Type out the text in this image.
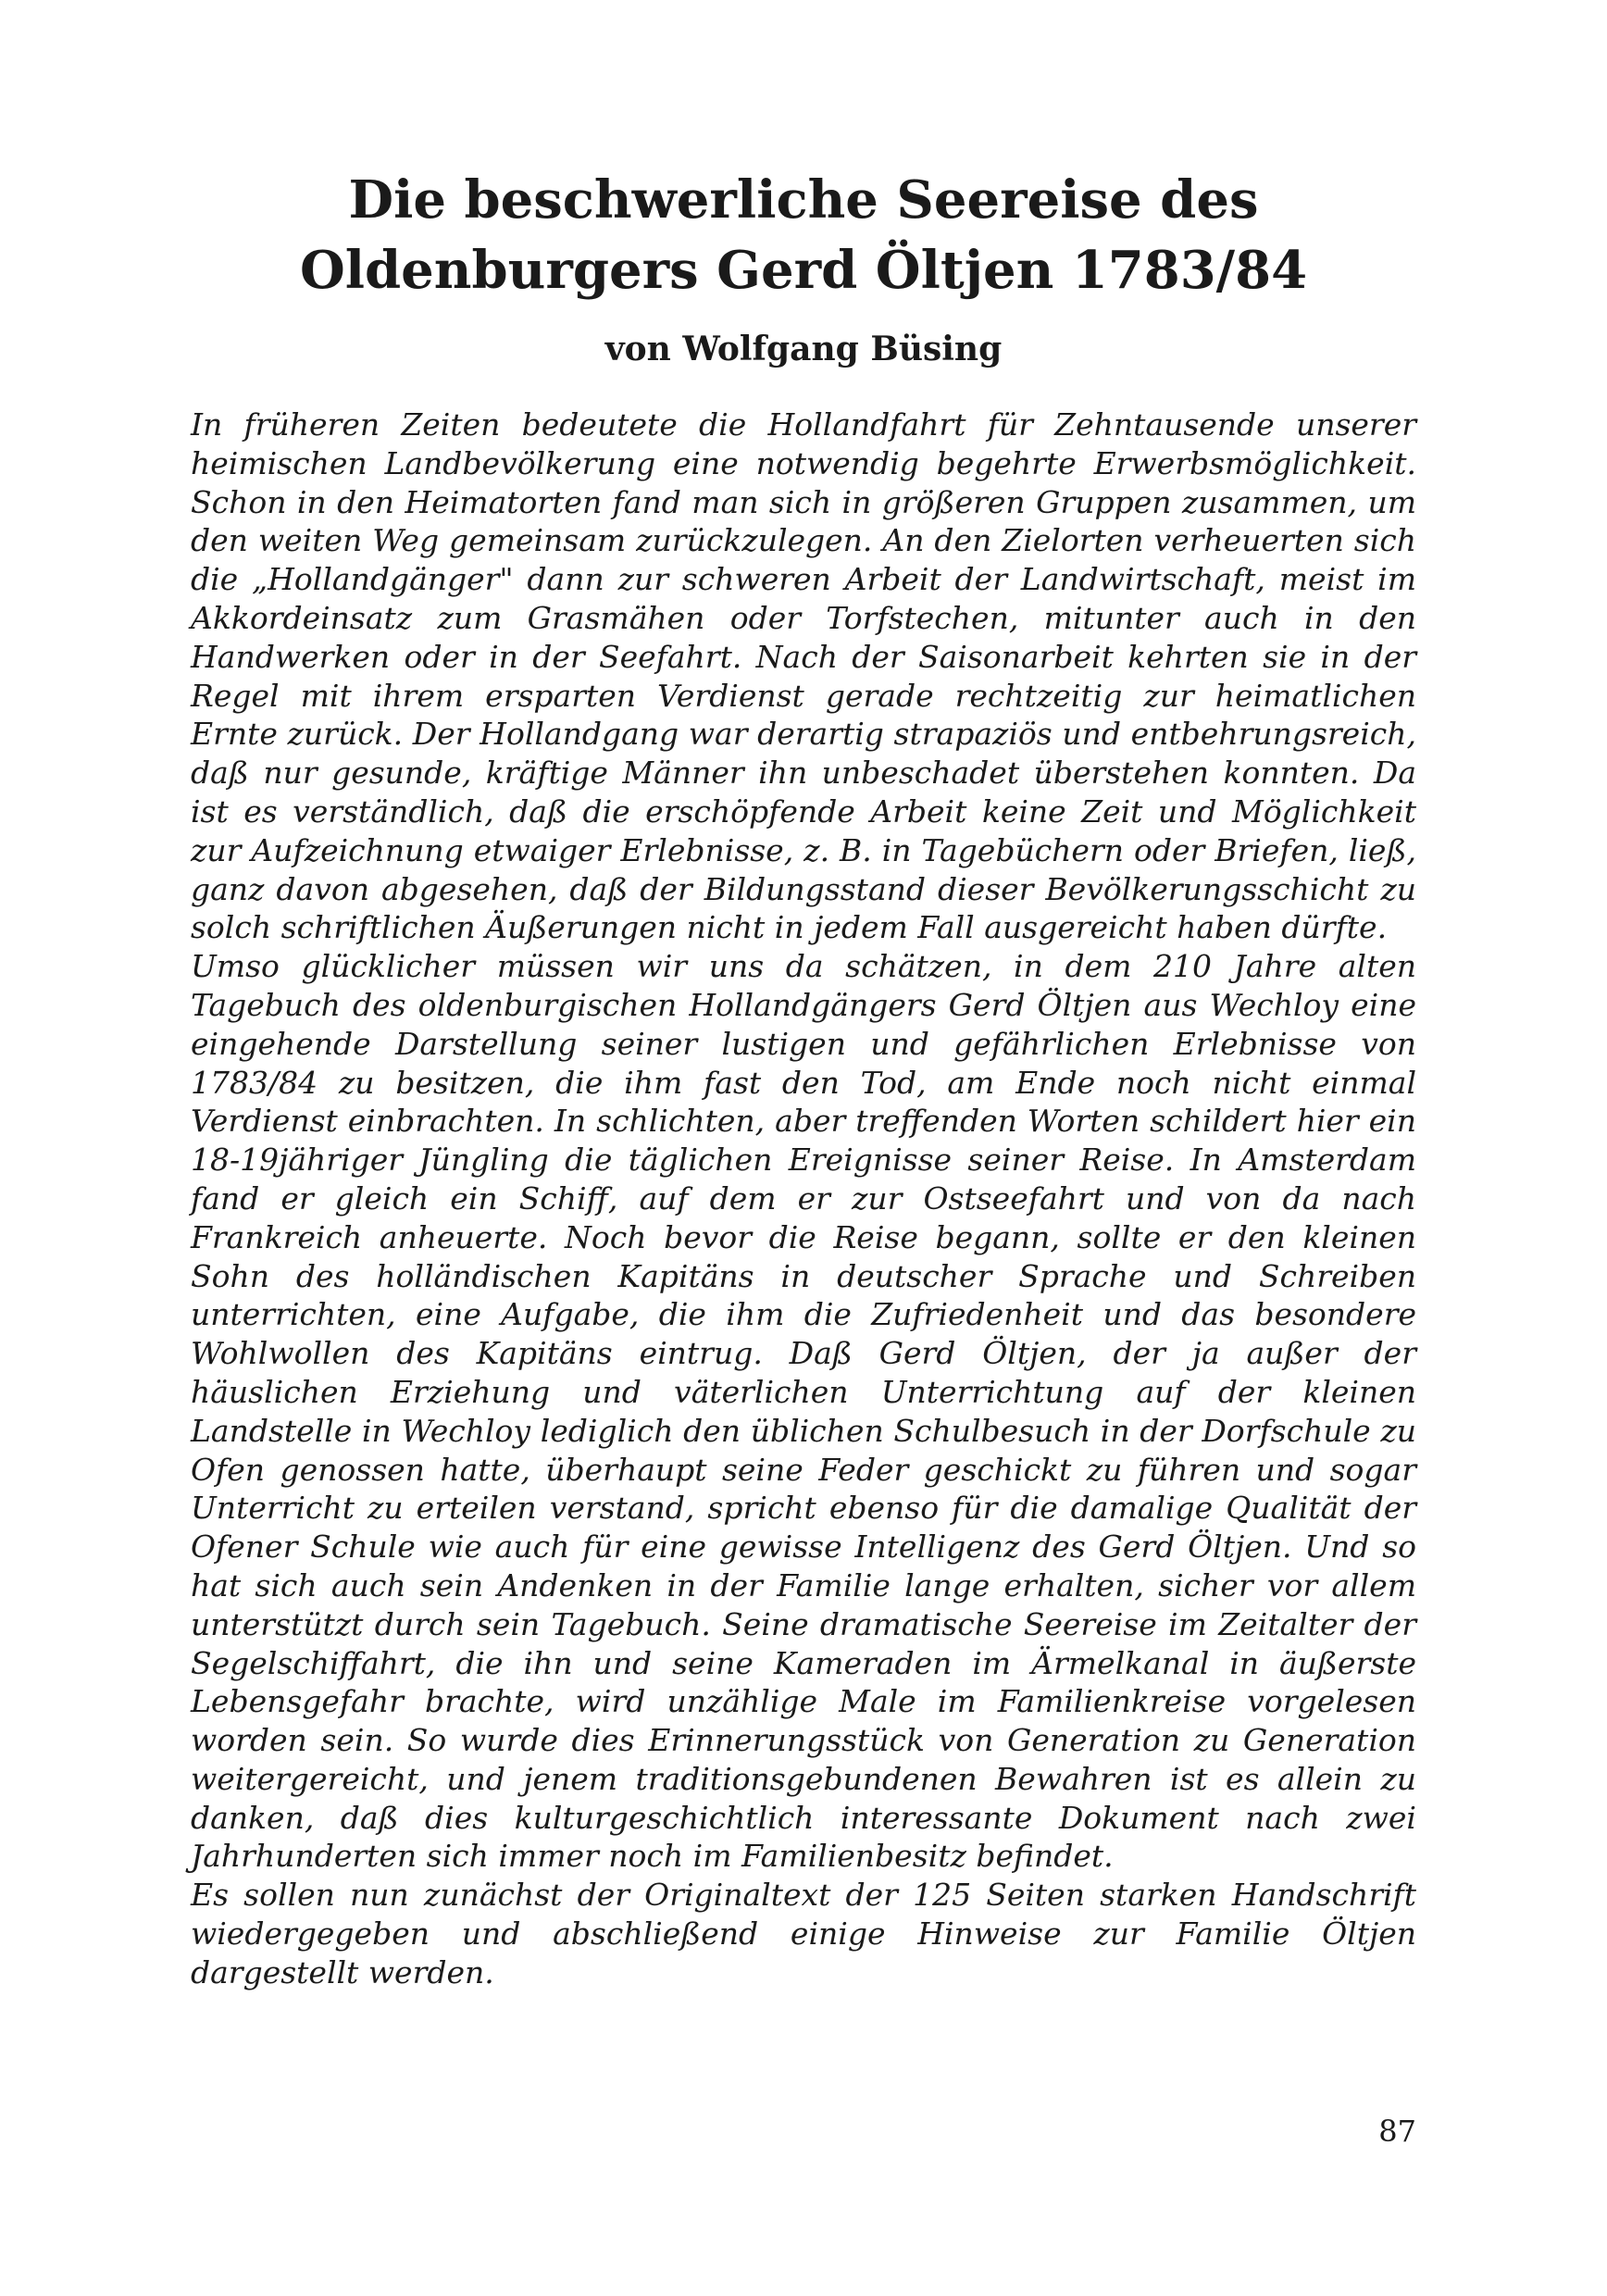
Die beschwerliche Seereise des
Oldenburgers Gerd Öltjen 1783/84
von Wolfgang Büsing

In früheren Zeiten bedeutete die Hollandfahrt für Zehntausende unserer heimischen Landbevölkerung eine notwendig begehrte Erwerbsmöglichkeit. Schon in den Heimatorten fand man sich in größeren Gruppen zusammen, um den weiten Weg gemeinsam zurückzulegen. An den Zielorten verheuerten sich die „Hollandgänger" dann zur schweren Arbeit der Landwirtschaft, meist im Akkordeinsatz zum Grasmähen oder Torfstechen, mitunter auch in den Handwerken oder in der Seefahrt. Nach der Saisonarbeit kehrten sie in der Regel mit ihrem ersparten Verdienst gerade rechtzeitig zur heimatlichen Ernte zurück. Der Hollandgang war derartig strapaziös und entbehrungsreich, daß nur gesunde, kräftige Männer ihn unbeschadet überstehen konnten. Da ist es verständlich, daß die erschöpfende Arbeit keine Zeit und Möglichkeit zur Aufzeichnung etwaiger Erlebnisse, z. B. in Tagebüchern oder Briefen, ließ, ganz davon abgesehen, daß der Bildungsstand dieser Bevölkerungsschicht zu solch schriftlichen Äußerungen nicht in jedem Fall ausgereicht haben dürfte.

Umso glücklicher müssen wir uns da schätzen, in dem 210 Jahre alten Tagebuch des oldenburgischen Hollandgängers Gerd Öltjen aus Wechloy eine eingehende Darstellung seiner lustigen und gefährlichen Erlebnisse von 1783/84 zu besitzen, die ihm fast den Tod, am Ende noch nicht einmal Verdienst einbrachten. In schlichten, aber treffenden Worten schildert hier ein 18-19jähriger Jüngling die täglichen Ereignisse seiner Reise. In Amsterdam fand er gleich ein Schiff, auf dem er zur Ostseefahrt und von da nach Frankreich anheuerte. Noch bevor die Reise begann, sollte er den kleinen Sohn des holländischen Kapitäns in deutscher Sprache und Schreiben unterrichten, eine Aufgabe, die ihm die Zufriedenheit und das besondere Wohlwollen des Kapitäns eintrug. Daß Gerd Öltjen, der ja außer der häuslichen Erziehung und väterlichen Unterrichtung auf der kleinen Landstelle in Wechloy lediglich den üblichen Schulbesuch in der Dorfschule zu Ofen genossen hatte, überhaupt seine Feder geschickt zu führen und sogar Unterricht zu erteilen verstand, spricht ebenso für die damalige Qualität der Ofener Schule wie auch für eine gewisse Intelligenz des Gerd Öltjen. Und so hat sich auch sein Andenken in der Familie lange erhalten, sicher vor allem unterstützt durch sein Tagebuch. Seine dramatische Seereise im Zeitalter der Segelschiffahrt, die ihn und seine Kameraden im Ärmelkanal in äußerste Lebensgefahr brachte, wird unzählige Male im Familienkreise vorgelesen worden sein. So wurde dies Erinnerungsstück von Generation zu Generation weitergereicht, und jenem traditionsgebundenen Bewahren ist es allein zu danken, daß dies kulturgeschichtlich interessante Dokument nach zwei Jahrhunderten sich immer noch im Familienbesitz befindet.

Es sollen nun zunächst der Originaltext der 125 Seiten starken Handschrift wiedergegeben und abschließend einige Hinweise zur Familie Öltjen dargestellt werden.

87
